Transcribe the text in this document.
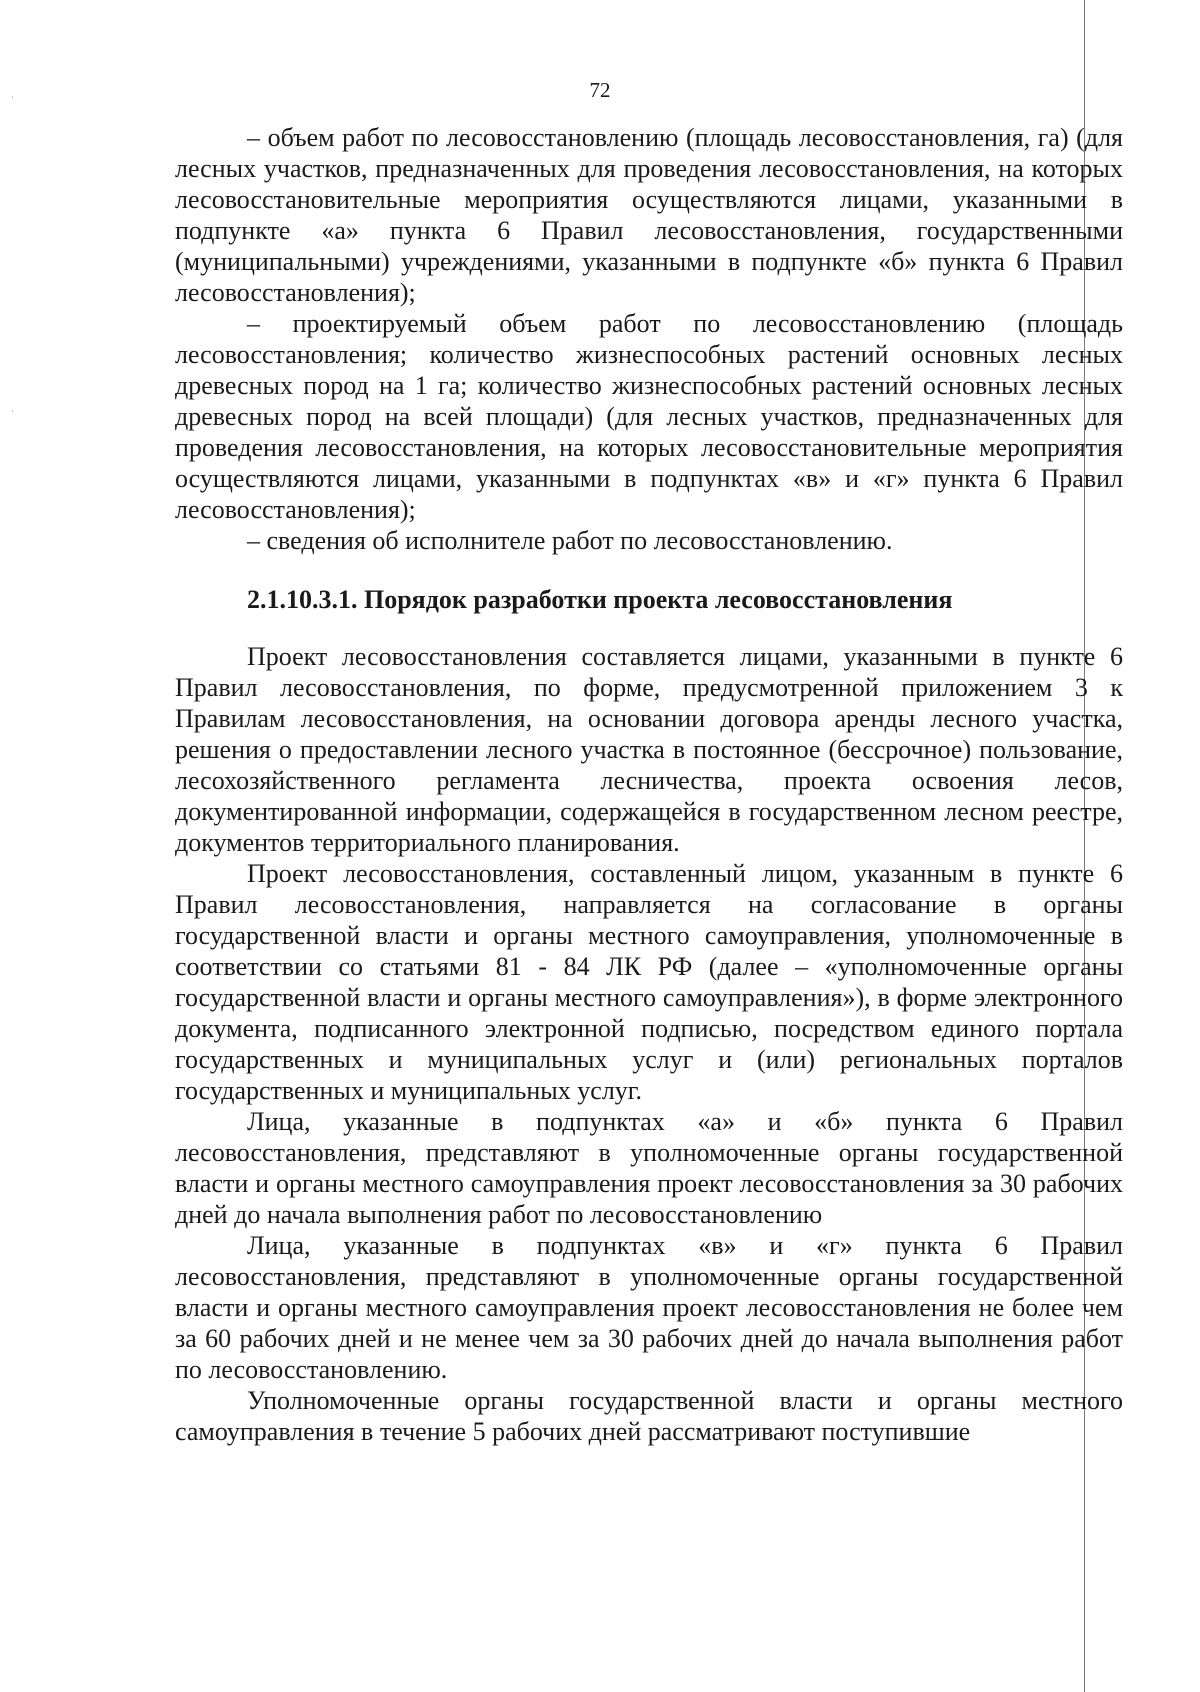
72

– объем работ по лесовосстановлению (площадь лесовосстановления, га) (для лесных участков, предназначенных для проведения лесовосстановления, на которых лесовосстановительные мероприятия осуществляются лицами, указанными в подпункте «а» пункта 6 Правил лесовосстановления, государственными (муниципальными) учреждениями, указанными в подпункте «б» пункта 6 Правил лесовосстановления);

– проектируемый объем работ по лесовосстановлению (площадь лесовосстановления; количество жизнеспособных растений основных лесных древесных пород на 1 га; количество жизнеспособных растений основных лесных древесных пород на всей площади) (для лесных участков, предназначенных для проведения лесовосстановления, на которых лесовосстановительные мероприятия осуществляются лицами, указанными в подпунктах «в» и «г» пункта 6 Правил лесовосстановления);

– сведения об исполнителе работ по лесовосстановлению.

2.1.10.3.1. Порядок разработки проекта лесовосстановления

Проект лесовосстановления составляется лицами, указанными в пункте 6 Правил лесовосстановления, по форме, предусмотренной приложением 3 к Правилам лесовосстановления, на основании договора аренды лесного участка, решения о предоставлении лесного участка в постоянное (бессрочное) пользование, лесохозяйственного регламента лесничества, проекта освоения лесов, документированной информации, содержащейся в государственном лесном реестре, документов территориального планирования.

Проект лесовосстановления, составленный лицом, указанным в пункте 6 Правил лесовосстановления, направляется на согласование в органы государственной власти и органы местного самоуправления, уполномоченные в соответствии со статьями 81 - 84 ЛК РФ (далее – «уполномоченные органы государственной власти и органы местного самоуправления»), в форме электронного документа, подписанного электронной подписью, посредством единого портала государственных и муниципальных услуг и (или) региональных порталов государственных и муниципальных услуг.

Лица, указанные в подпунктах «а» и «б» пункта 6 Правил лесовосстановления, представляют в уполномоченные органы государственной власти и органы местного самоуправления проект лесовосстановления за 30 рабочих дней до начала выполнения работ по лесовосстановлению

Лица, указанные в подпунктах «в» и «г» пункта 6 Правил лесовосстановления, представляют в уполномоченные органы государственной власти и органы местного самоуправления проект лесовосстановления не более чем за 60 рабочих дней и не менее чем за 30 рабочих дней до начала выполнения работ по лесовосстановлению.

Уполномоченные органы государственной власти и органы местного самоуправления в течение 5 рабочих дней рассматривают поступившие
